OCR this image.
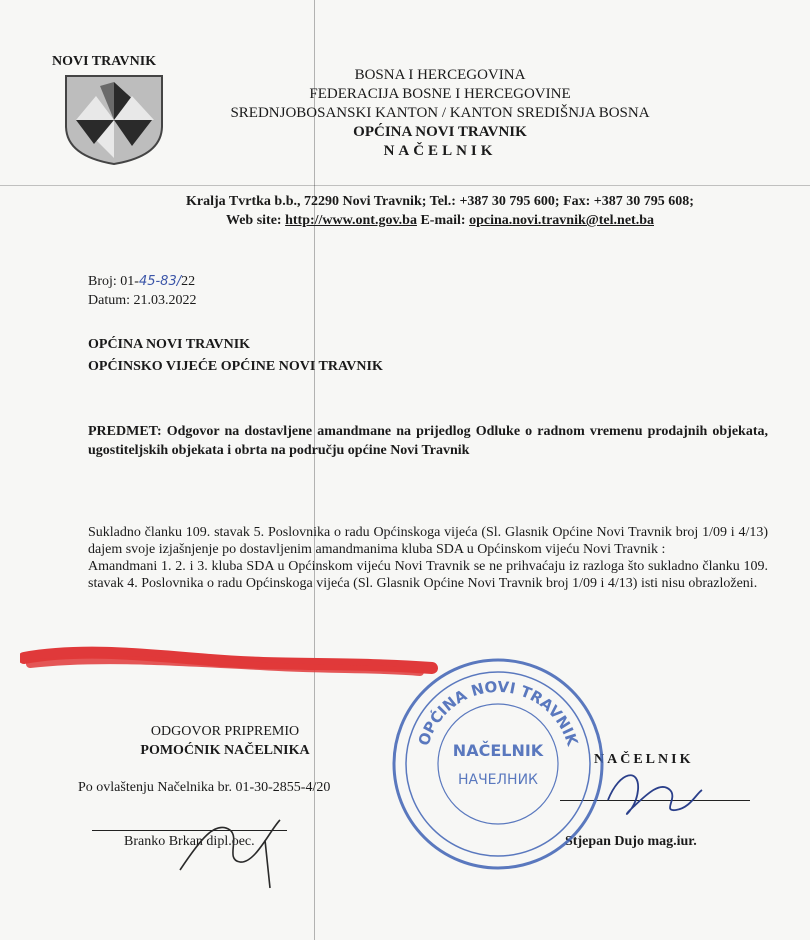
NOVI TRAVNIK
BOSNA I HERCEGOVINA
FEDERACIJA BOSNE I HERCEGOVINE
SREDNJOBOSANSKI KANTON / KANTON SREDIŠNJA BOSNA
OPĆINA NOVI TRAVNIK
NAČELNIK
Kralja Tvrtka b.b., 72290 Novi Travnik; Tel.: +387 30 795 600; Fax: +387 30 795 608;
Web site: http://www.ont.gov.ba E-mail: opcina.novi.travnik@tel.net.ba
Broj: 01-45-83/22
Datum: 21.03.2022
OPĆINA NOVI TRAVNIK
OPĆINSKO VIJEĆE OPĆINE NOVI TRAVNIK
PREDMET: Odgovor na dostavljene amandmane na prijedlog Odluke o radnom vremenu prodajnih objekata, ugostiteljskih objekata i obrta na području općine Novi Travnik

Sukladno članku 109. stavak 5. Poslovnika o radu Općinskoga vijeća (Sl. Glasnik Općine Novi Travnik broj 1/09 i 4/13) dajem svoje izjašnjenje po dostavljenim amandmanima kluba SDA u Općinskom vijeću Novi Travnik :

Amandmani 1. 2. i 3. kluba SDA u Općinskom vijeću Novi Travnik se ne prihvaćaju iz razloga što sukladno članku 109. stavak 4. Poslovnika o radu Općinskoga vijeća (Sl. Glasnik Općine Novi Travnik broj 1/09 i 4/13) isti nisu obrazloženi.

ODGOVOR PRIPREMIO
POMOĆNIK NAČELNIKA
Po ovlaštenju Načelnika br. 01-30-2855-4/20
Branko Brkan dipl.oec.
NAČELNIK
Stjepan Dujo mag.iur.
OPĆINA NOVI TRAVNIK
NAČELNIK
НАЧЕЛНИК
